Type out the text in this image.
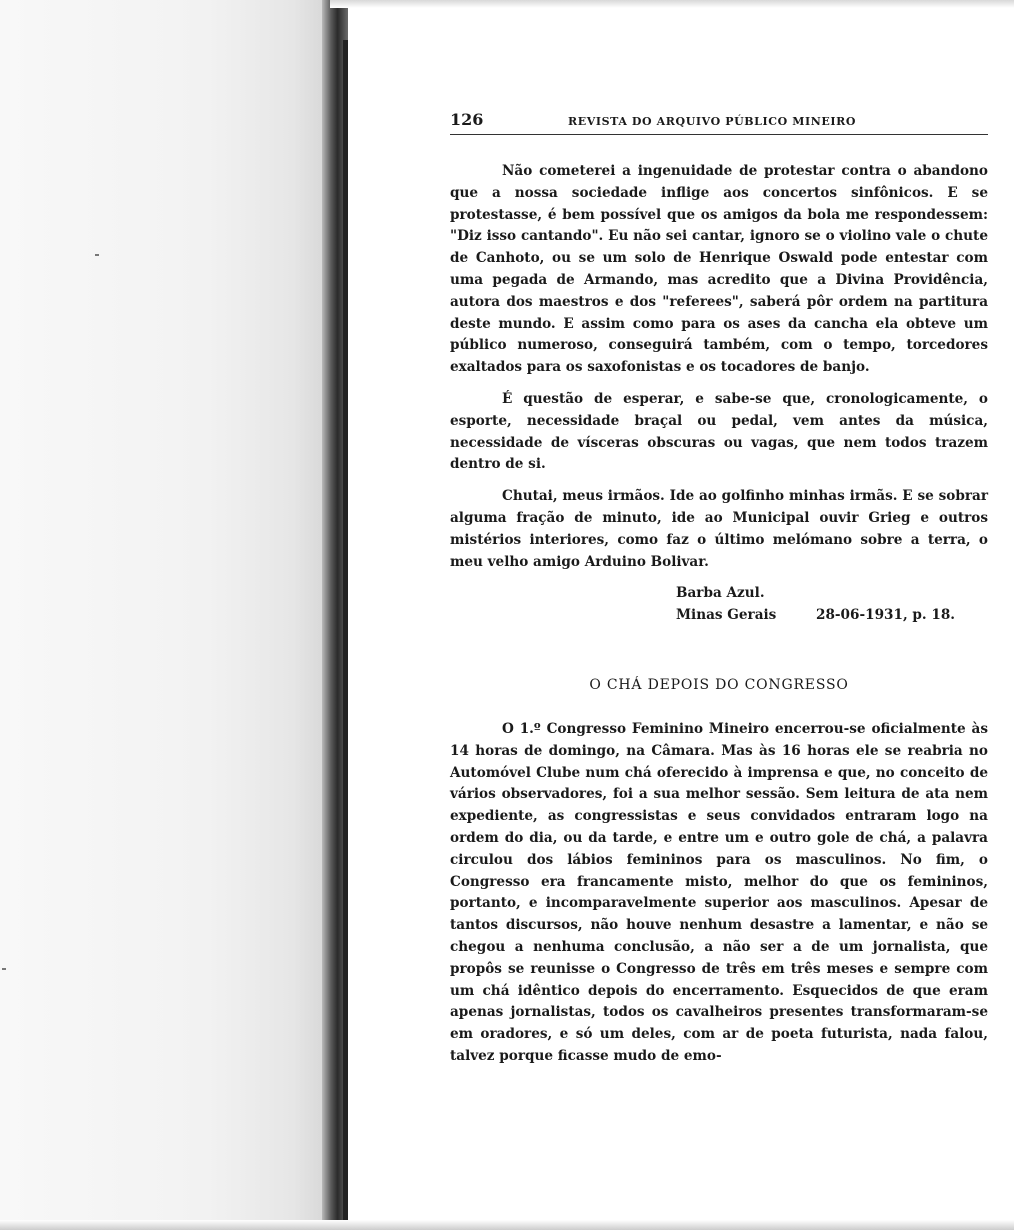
126	REVISTA DO ARQUIVO PÚBLICO MINEIRO

Não cometerei a ingenuidade de protestar contra o abandono que a nossa sociedade inflige aos concertos sinfônicos. E se protestasse, é bem possível que os amigos da bola me respondessem: "Diz isso cantando". Eu não sei cantar, ignoro se o violino vale o chute de Canhoto, ou se um solo de Henrique Oswald pode entestar com uma pegada de Armando, mas acredito que a Divina Providência, autora dos maestros e dos "referees", saberá pôr ordem na partitura deste mundo. E assim como para os ases da cancha ela obteve um público numeroso, conseguirá também, com o tempo, torcedores exaltados para os saxofonistas e os tocadores de banjo.

É questão de esperar, e sabe-se que, cronologicamente, o esporte, necessidade braçal ou pedal, vem antes da música, necessidade de vísceras obscuras ou vagas, que nem todos trazem dentro de si.

Chutai, meus irmãos. Ide ao golfinho minhas irmãs. E se sobrar alguma fração de minuto, ide ao Municipal ouvir Grieg e outros mistérios interiores, como faz o último melómano sobre a terra, o meu velho amigo Arduino Bolivar.

Barba Azul.
Minas Gerais	28-06-1931, p. 18.
O CHÁ DEPOIS DO CONGRESSO

O 1.º Congresso Feminino Mineiro encerrou-se oficialmente às 14 horas de domingo, na Câmara. Mas às 16 horas ele se reabria no Automóvel Clube num chá oferecido à imprensa e que, no conceito de vários observadores, foi a sua melhor sessão. Sem leitura de ata nem expediente, as congressistas e seus convidados entraram logo na ordem do dia, ou da tarde, e entre um e outro gole de chá, a palavra circulou dos lábios femininos para os masculinos. No fim, o Congresso era francamente misto, melhor do que os femininos, portanto, e incomparavelmente superior aos masculinos. Apesar de tantos discursos, não houve nenhum desastre a lamentar, e não se chegou a nenhuma conclusão, a não ser a de um jornalista, que propôs se reunisse o Congresso de três em três meses e sempre com um chá idêntico depois do encerramento. Esquecidos de que eram apenas jornalistas, todos os cavalheiros presentes transformaram-se em oradores, e só um deles, com ar de poeta futurista, nada falou, talvez porque ficasse mudo de emo-
